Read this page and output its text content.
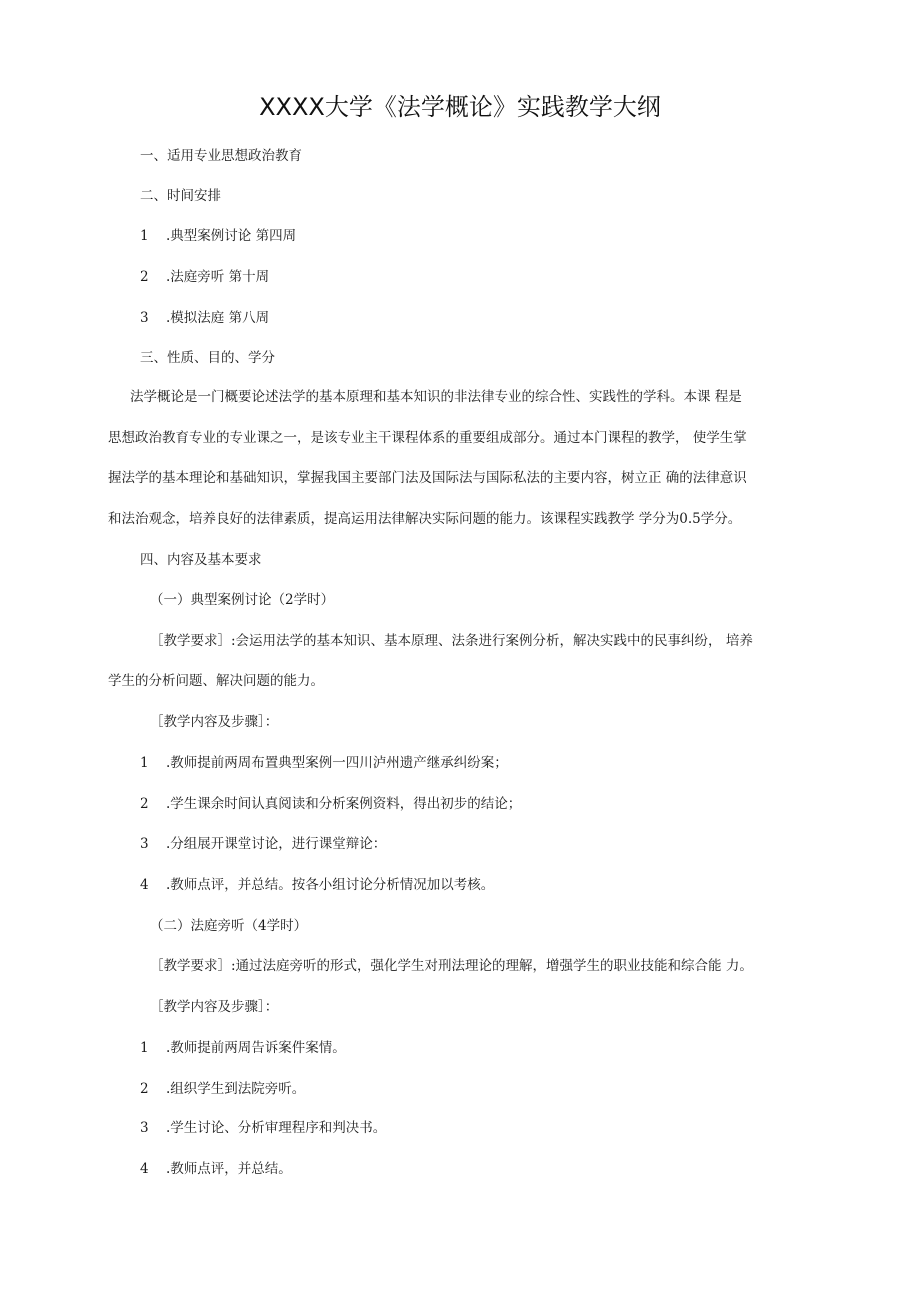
XXXX大学《法学概论》实践教学大纲
一、适用专业思想政治教育
二、时间安排
1 .典型案例讨论 第四周
2 .法庭旁听 第十周
3 .模拟法庭 第八周
三、性质、目的、学分
法学概论是一门概要论述法学的基本原理和基本知识的非法律专业的综合性、实践性的学科。本课 程是
思想政治教育专业的专业课之一，是该专业主干课程体系的重要组成部分。通过本门课程的教学， 使学生掌
握法学的基本理论和基础知识，掌握我国主要部门法及国际法与国际私法的主要内容，树立正 确的法律意识
和法治观念，培养良好的法律素质，提高运用法律解决实际问题的能力。该课程实践教学 学分为0.5学分。
四、内容及基本要求
（一）典型案例讨论（2学时）
［教学要求］:会运用法学的基本知识、基本原理、法条进行案例分析，解决实践中的民事纠纷， 培养
学生的分析问题、解决问题的能力。
［教学内容及步骤］：
1 .教师提前两周布置典型案例一四川泸州遗产继承纠纷案；
2 .学生课余时间认真阅读和分析案例资料，得出初步的结论；
3 .分组展开课堂讨论，进行课堂辩论：
4 .教师点评，并总结。按各小组讨论分析情况加以考核。
（二）法庭旁听（4学时）
［教学要求］:通过法庭旁听的形式，强化学生对刑法理论的理解，增强学生的职业技能和综合能 力。
［教学内容及步骤］：
1 .教师提前两周告诉案件案情。
2 .组织学生到法院旁听。
3 .学生讨论、分析审理程序和判决书。
4 .教师点评，并总结。
